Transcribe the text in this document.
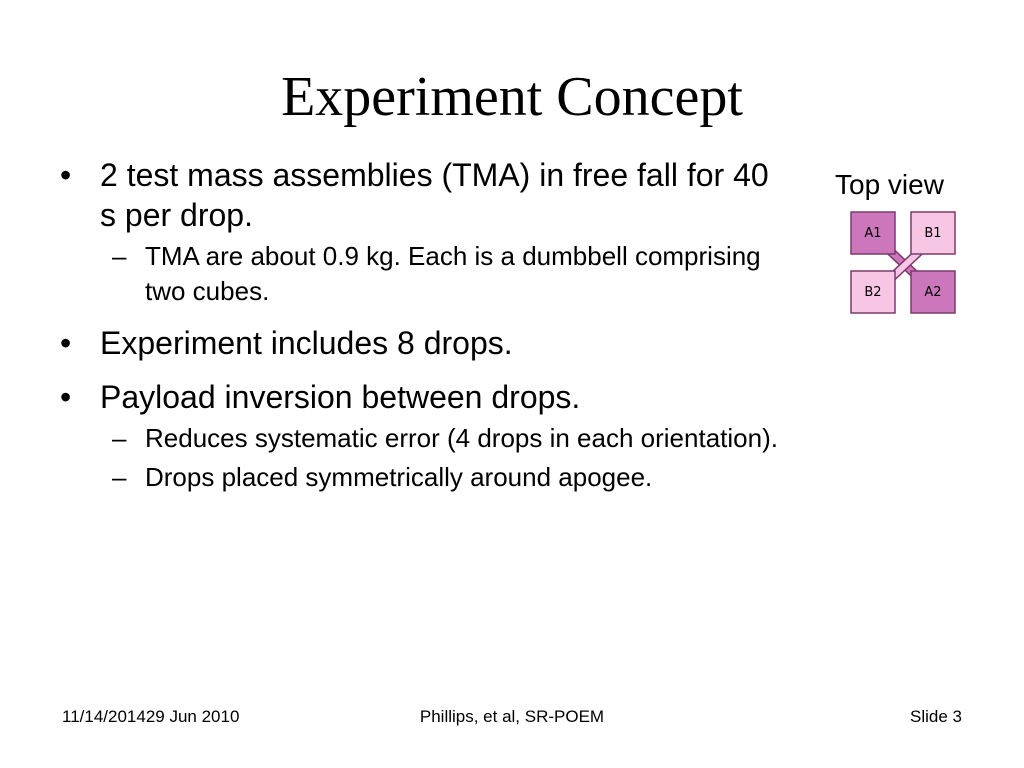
Experiment Concept

• 2 test mass assemblies (TMA) in free fall for 40 s per drop.

– TMA are about 0.9 kg. Each is a dumbbell comprising two cubes.

• Experiment includes 8 drops.

• Payload inversion between drops.

– Reduces systematic error (4 drops in each orientation).

– Drops placed symmetrically around apogee.

Top view
A1	B1
B2	A2
11/14/201429 Jun 2010	Phillips, et al, SR-POEM	Slide 3
